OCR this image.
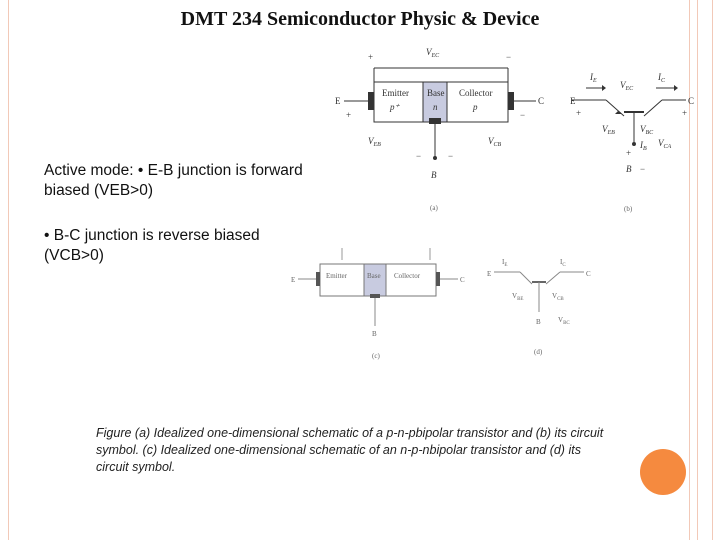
DMT 234 Semiconductor Physic & Device
Active mode: • E-B junction is forward biased (VEB>0)
• B-C junction is reverse biased (VCB>0)
+	−
$V_{EC}$
Emitter
p⁺
Base
n
Collector
p
E	C
+	−
−	−
B
$V_{EB}$	$V_{CB}$
(a)
E	C
$I_E$	$I_C$
$V_{EC}$
$V_{EB}$	$V_{BC}$
$V_{CA}$
$I_B$
+	+
+
−
B
(b)
Emitter	Base Collector
E	C
B
(c)
$I_E$	$I_C$
E	C
$V_{BE}$	$V_{CB}$
$V_{BC}$
B
(d)
Figure (a) Idealized one-dimensional schematic of a p-n-pbipolar transistor and (b) its circuit symbol. (c) Idealized one-dimensional schematic of an n-p-nbipolar transistor and (d) its circuit symbol.
